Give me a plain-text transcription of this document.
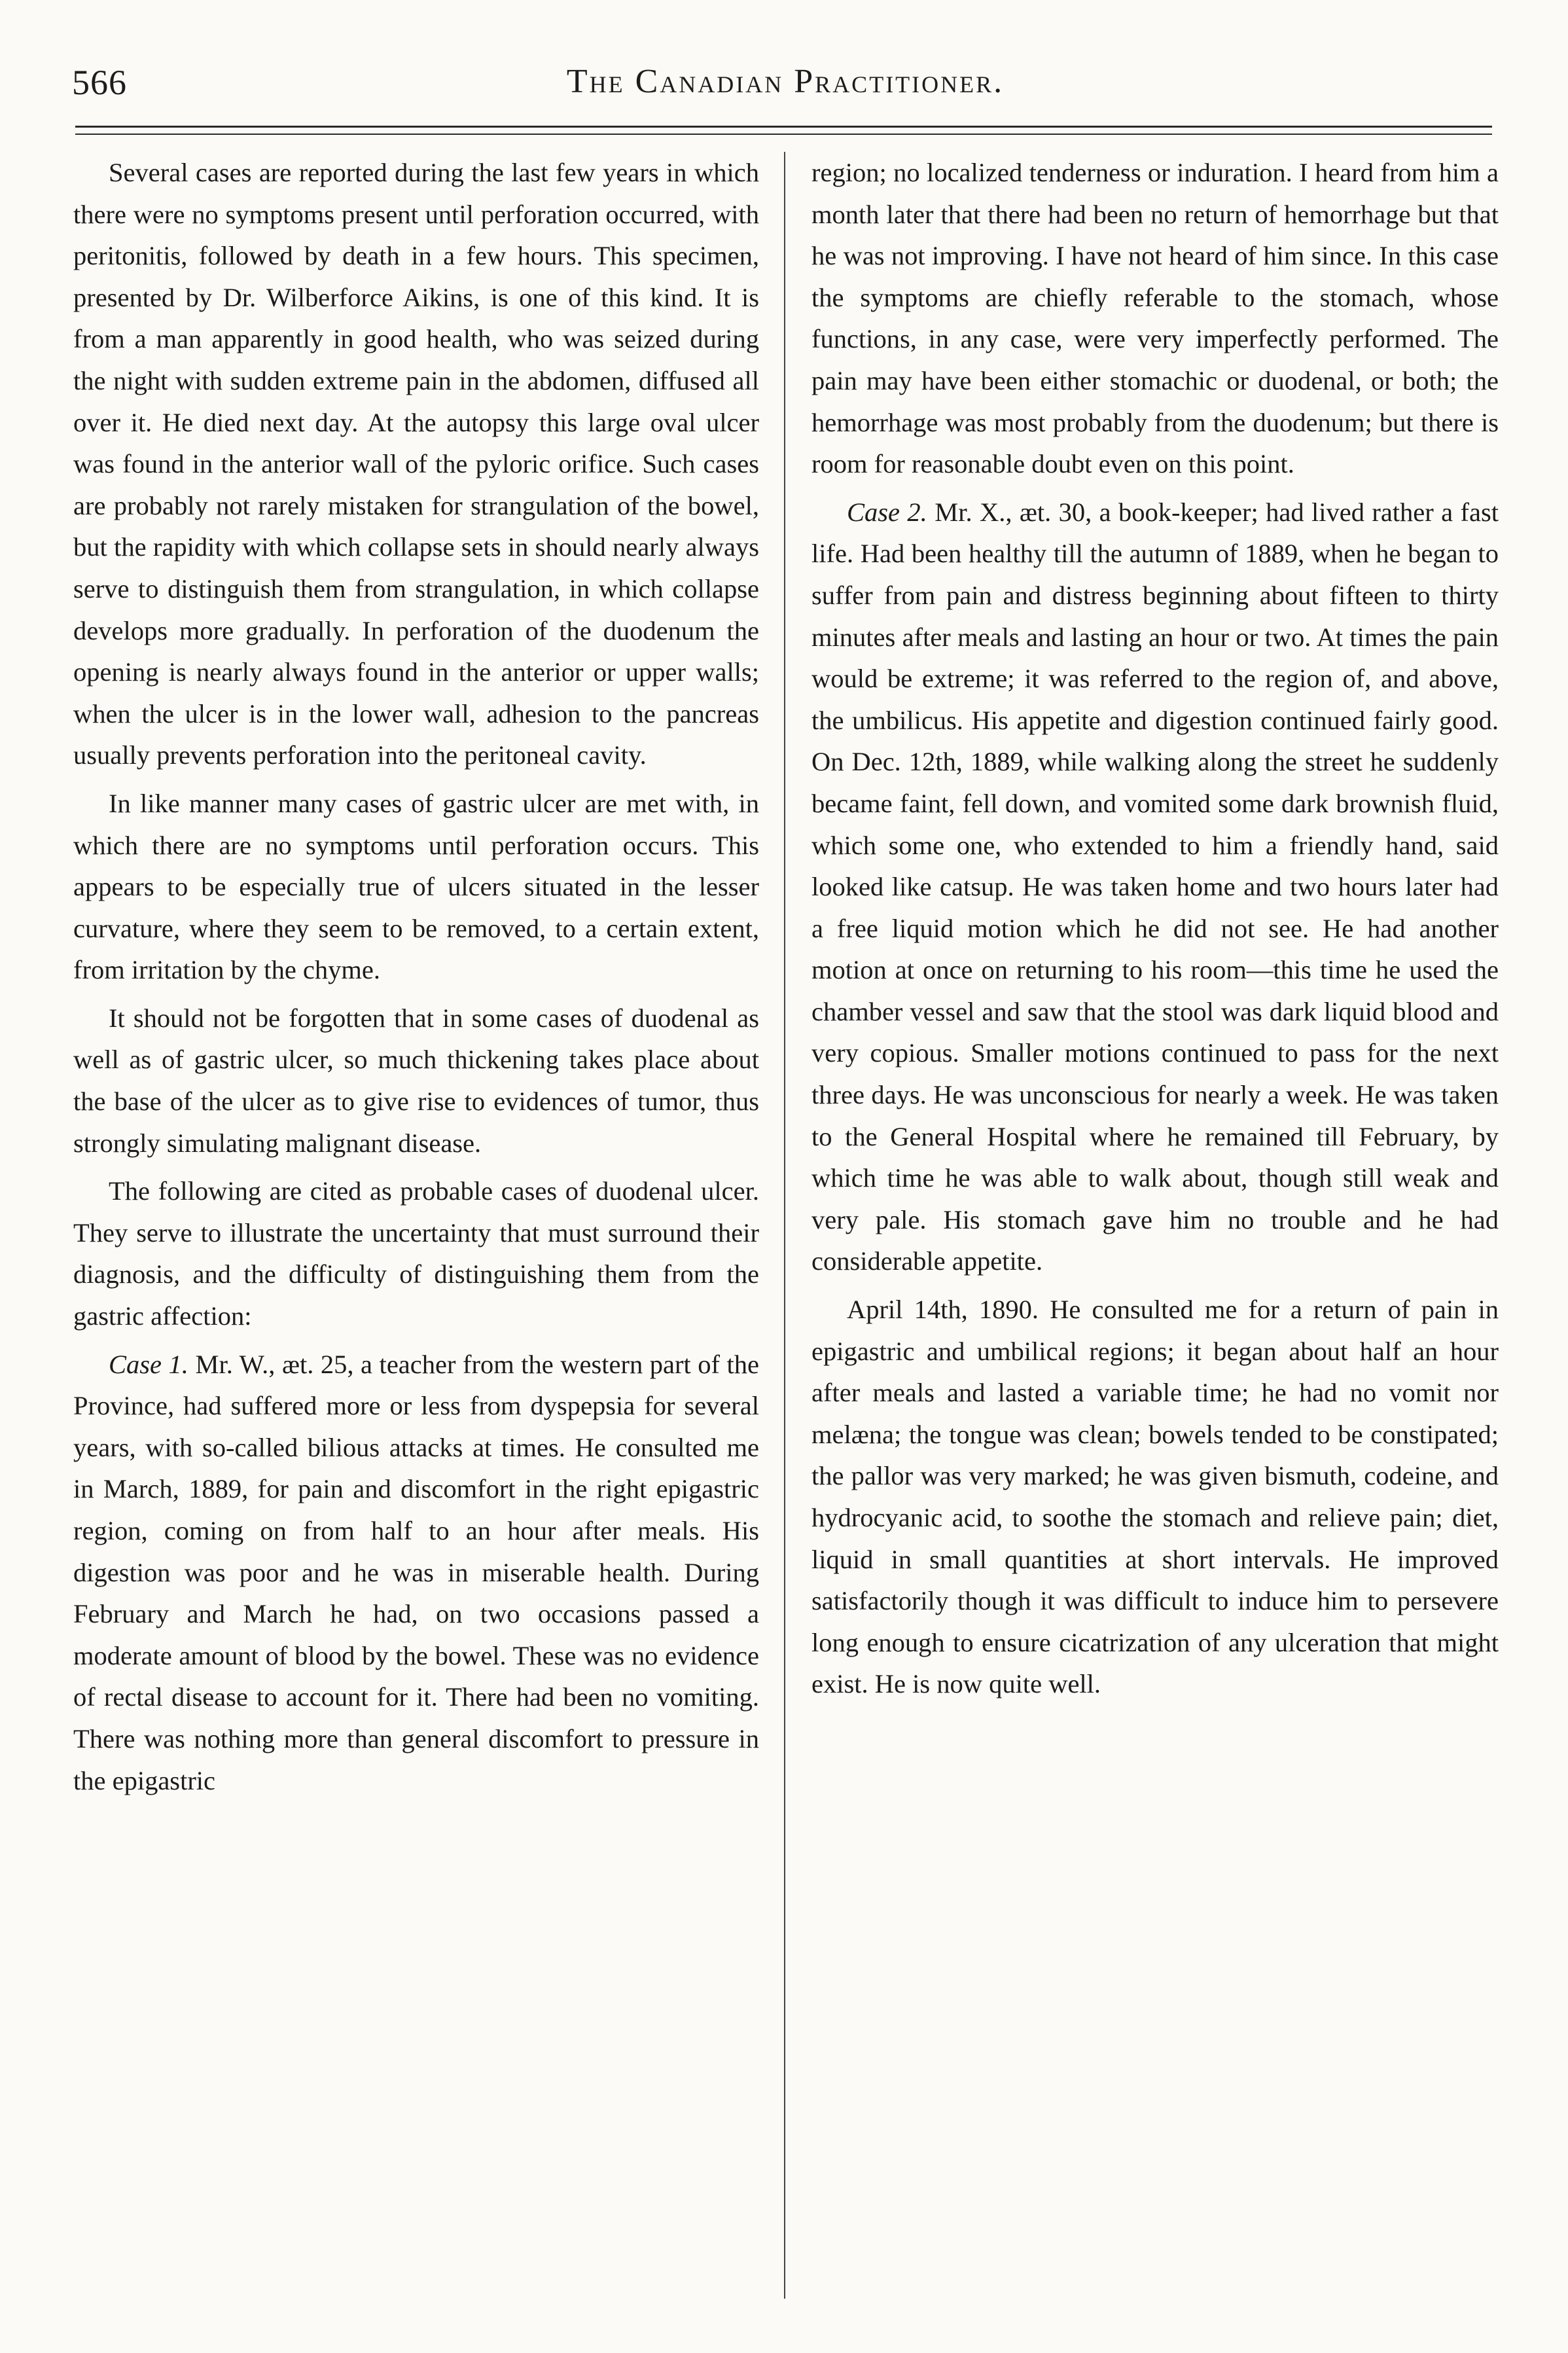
566	The Canadian Practitioner.

Several cases are reported during the last few years in which there were no symptoms present until perforation occurred, with peritonitis, followed by death in a few hours. This specimen, presented by Dr. Wilberforce Aikins, is one of this kind. It is from a man apparently in good health, who was seized during the night with sudden extreme pain in the abdomen, diffused all over it. He died next day. At the autopsy this large oval ulcer was found in the anterior wall of the pyloric orifice. Such cases are probably not rarely mistaken for strangulation of the bowel, but the rapidity with which collapse sets in should nearly always serve to distinguish them from strangulation, in which collapse develops more gradually. In perforation of the duodenum the opening is nearly always found in the anterior or upper walls; when the ulcer is in the lower wall, adhesion to the pancreas usually prevents perforation into the peritoneal cavity.

In like manner many cases of gastric ulcer are met with, in which there are no symptoms until perforation occurs. This appears to be especially true of ulcers situated in the lesser curvature, where they seem to be removed, to a certain extent, from irritation by the chyme.

It should not be forgotten that in some cases of duodenal as well as of gastric ulcer, so much thickening takes place about the base of the ulcer as to give rise to evidences of tumor, thus strongly simulating malignant disease.

The following are cited as probable cases of duodenal ulcer. They serve to illustrate the uncertainty that must surround their diagnosis, and the difficulty of distinguishing them from the gastric affection:

Case 1. Mr. W., æt. 25, a teacher from the western part of the Province, had suffered more or less from dyspepsia for several years, with so-called bilious attacks at times. He consulted me in March, 1889, for pain and discomfort in the right epigastric region, coming on from half to an hour after meals. His digestion was poor and he was in miserable health. During February and March he had, on two occasions passed a moderate amount of blood by the bowel. These was no evidence of rectal disease to account for it. There had been no vomiting. There was nothing more than general discomfort to pressure in the epigastric

region; no localized tenderness or induration. I heard from him a month later that there had been no return of hemorrhage but that he was not improving. I have not heard of him since. In this case the symptoms are chiefly referable to the stomach, whose functions, in any case, were very imperfectly performed. The pain may have been either stomachic or duodenal, or both; the hemorrhage was most probably from the duodenum; but there is room for reasonable doubt even on this point.

Case 2. Mr. X., æt. 30, a book-keeper; had lived rather a fast life. Had been healthy till the autumn of 1889, when he began to suffer from pain and distress beginning about fifteen to thirty minutes after meals and lasting an hour or two. At times the pain would be extreme; it was referred to the region of, and above, the umbilicus. His appetite and digestion continued fairly good. On Dec. 12th, 1889, while walking along the street he suddenly became faint, fell down, and vomited some dark brownish fluid, which some one, who extended to him a friendly hand, said looked like catsup. He was taken home and two hours later had a free liquid motion which he did not see. He had another motion at once on returning to his room—this time he used the chamber vessel and saw that the stool was dark liquid blood and very copious. Smaller motions continued to pass for the next three days. He was unconscious for nearly a week. He was taken to the General Hospital where he remained till February, by which time he was able to walk about, though still weak and very pale. His stomach gave him no trouble and he had considerable appetite.

April 14th, 1890. He consulted me for a return of pain in epigastric and umbilical regions; it began about half an hour after meals and lasted a variable time; he had no vomit nor melæna; the tongue was clean; bowels tended to be constipated; the pallor was very marked; he was given bismuth, codeine, and hydrocyanic acid, to soothe the stomach and relieve pain; diet, liquid in small quantities at short intervals. He improved satisfactorily though it was difficult to induce him to persevere long enough to ensure cicatrization of any ulceration that might exist. He is now quite well.
